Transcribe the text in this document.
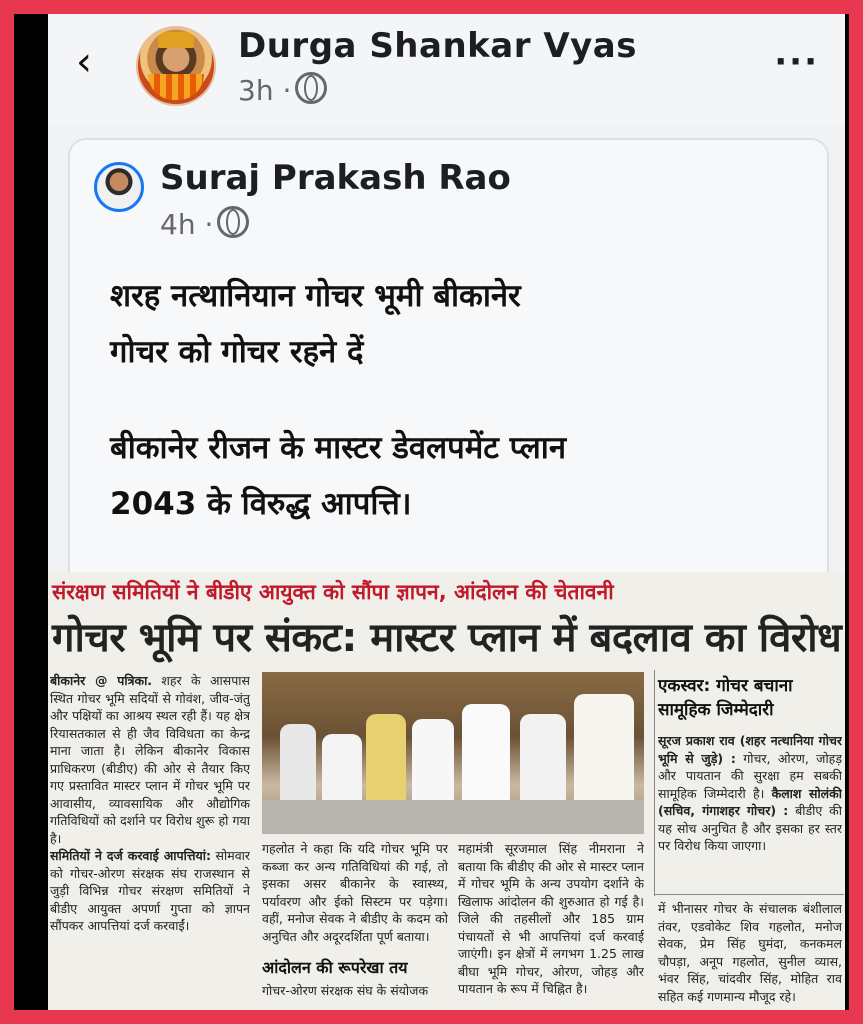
‹	Durga Shankar Vyas
3h ·
···
Suraj Prakash Rao
4h ·

शरह नत्थानियान गोचर भूमी बीकानेर

गोचर को गोचर रहने दें

बीकानेर रीजन के मास्टर डेवलपमेंट प्लान

2043 के विरुद्ध आपत्ति।

संरक्षण समितियों ने बीडीए आयुक्त को सौंपा ज्ञापन, आंदोलन की चेतावनी
गोचर भूमि पर संकट: मास्टर प्लान में बदलाव का विरोध
बीकानेर @ पत्रिका. शहर के आसपास स्थित गोचर भूमि सदियों से गोवंश, जीव-जंतु और पक्षियों का आश्रय स्थल रही हैं। यह क्षेत्र रियासतकाल से ही जैव विविधता का केन्द्र माना जाता है। लेकिन बीकानेर विकास प्राधिकरण (बीडीए) की ओर से तैयार किए गए प्रस्तावित मास्टर प्लान में गोचर भूमि पर आवासीय, व्यावसायिक और औद्योगिक गतिविधियों को दर्शाने पर विरोध शुरू हो गया है।
समितियों ने दर्ज करवाई आपत्तियां: सोमवार को गोचर-ओरण संरक्षक संघ राजस्थान से जुड़ी विभिन्न गोचर संरक्षण समितियों ने बीडीए आयुक्त अपर्णा गुप्ता को ज्ञापन सौंपकर आपत्तियां दर्ज करवाईं।
गहलोत ने कहा कि यदि गोचर भूमि पर कब्जा कर अन्य गतिविधियां की गई, तो इसका असर बीकानेर के स्वास्थ्य, पर्यावरण और ईको सिस्टम पर पड़ेगा। वहीं, मनोज सेवक ने बीडीए के कदम को अनुचित और अदूरदर्शिता पूर्ण बताया।
आंदोलन की रूपरेखा तय
गोचर-ओरण संरक्षक संघ के संयोजक
महामंत्री सूरजमाल सिंह नीमराना ने बताया कि बीडीए की ओर से मास्टर प्लान में गोचर भूमि के अन्य उपयोग दर्शाने के खिलाफ आंदोलन की शुरुआत हो गई है। जिले की तहसीलों और 185 ग्राम पंचायतों से भी आपत्तियां दर्ज करवाई जाएंगी। इन क्षेत्रों में लगभग 1.25 लाख बीघा भूमि गोचर, ओरण, जोहड़ और पायतान के रूप में चिह्नित है।
एकस्वर: गोचर बचाना सामूहिक जिम्मेदारी
सूरज प्रकाश राव (शहर नत्थानिया गोचर भूमि से जुड़े) : गोचर, ओरण, जोहड़ और पायतान की सुरक्षा हम सबकी सामूहिक जिम्मेदारी है। कैलाश सोलंकी (सचिव, गंगाशहर गोचर) : बीडीए की यह सोच अनुचित है और इसका हर स्तर पर विरोध किया जाएगा।
में भीनासर गोचर के संचालक बंशीलाल तंवर, एडवोकेट शिव गहलोत, मनोज सेवक, प्रेम सिंह घुमंदा, कनकमल चौपड़ा, अनूप गहलोत, सुनील व्यास, भंवर सिंह, चांदवीर सिंह, मोहित राव सहित कई गणमान्य मौजूद रहे।
